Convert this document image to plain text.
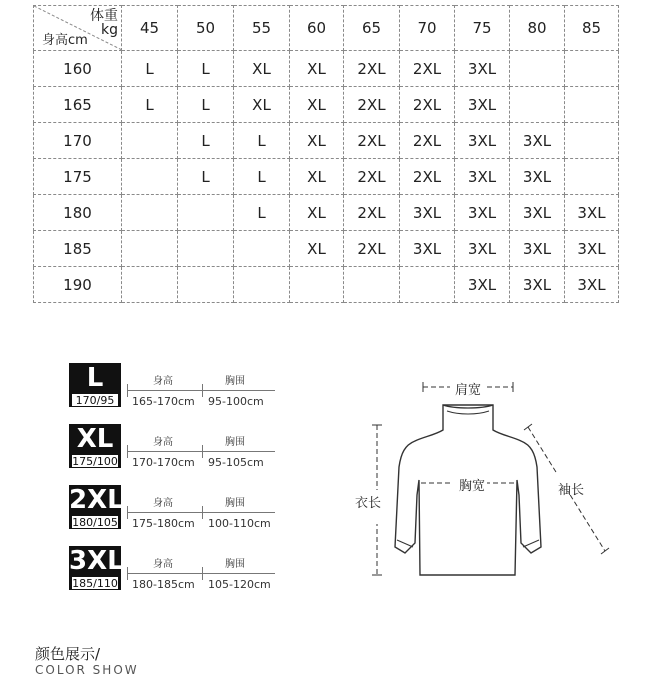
体重
kg
身高cm	45	50	55	60	65	70	75	80	85
160	L	L	XL	XL	2XL	2XL	3XL		
165	L	L	XL	XL	2XL	2XL	3XL		
170		L	L	XL	2XL	2XL	3XL	3XL	
175		L	L	XL	2XL	2XL	3XL	3XL	
180			L	XL	2XL	3XL	3XL	3XL	3XL
185				XL	2XL	3XL	3XL	3XL	3XL
190							3XL	3XL	3XL
L
170/95
身高	胸围
165-170cm 95-100cm
XL
175/100
身高	胸围
170-170cm 95-105cm
2XL
180/105
身高	胸围
175-180cm 100-110cm
3XL
185/110
身高	胸围
180-185cm 105-120cm
肩宽
胸宽
衣长
袖长
颜色展示/
COLOR SHOW
